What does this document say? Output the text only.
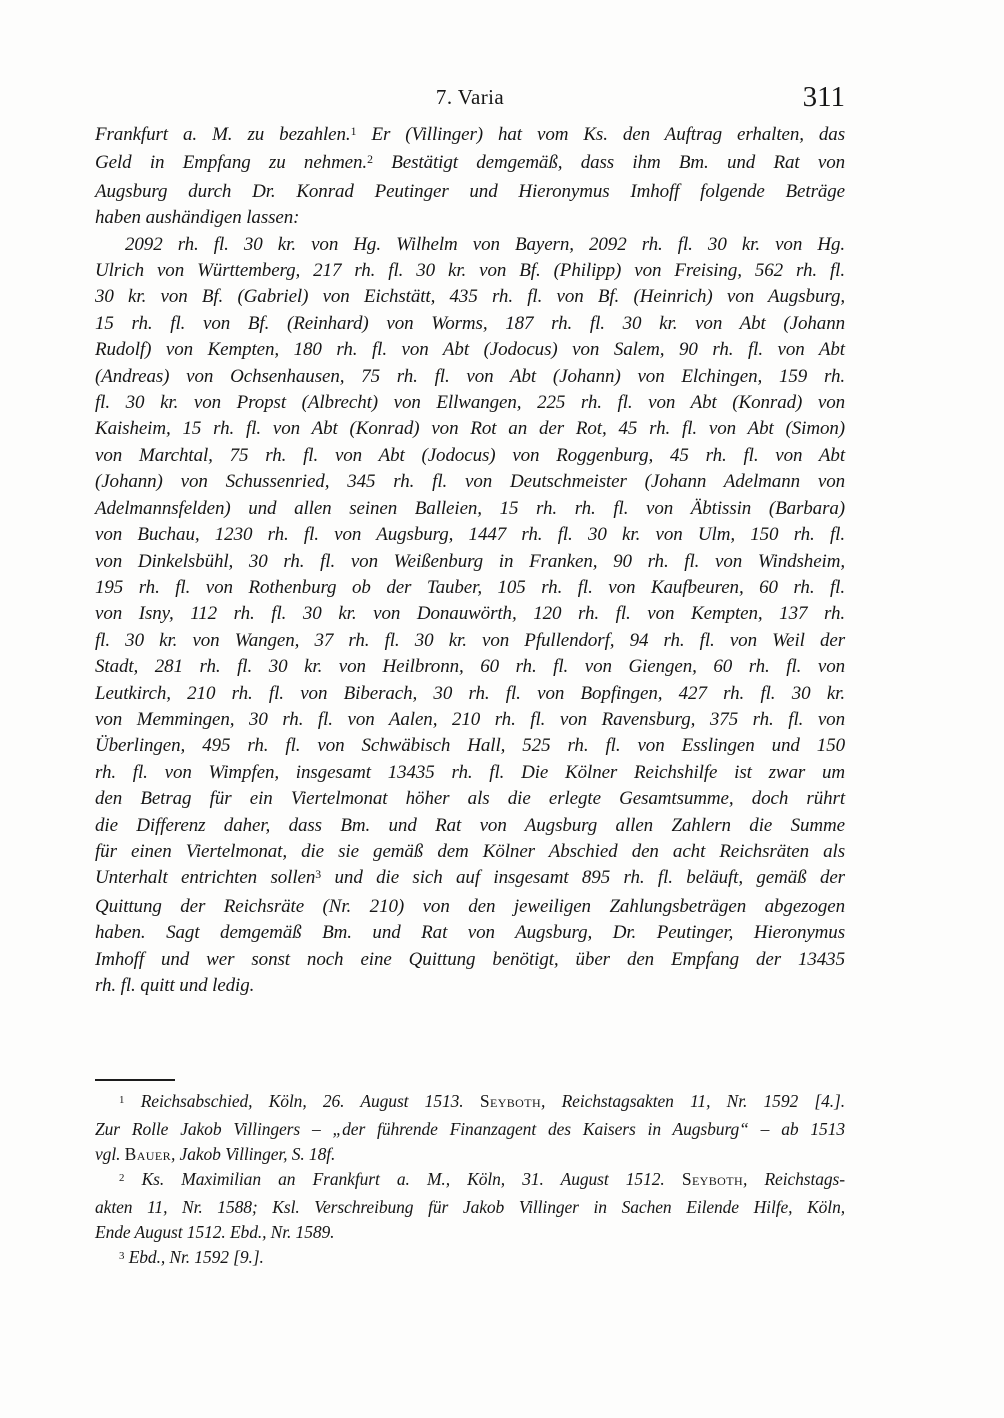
7. Varia	311
Frankfurt a. M. zu bezahlen.$^1$ Er (Villinger) hat vom Ks. den Auftrag erhalten, das
Geld in Empfang zu nehmen.$^2$ Bestätigt demgemäß, dass ihm Bm. und Rat von
Augsburg durch Dr. Konrad Peutinger und Hieronymus Imhoff folgende Beträge
haben aushändigen lassen:
2092 rh. fl. 30 kr. von Hg. Wilhelm von Bayern, 2092 rh. fl. 30 kr. von Hg.
Ulrich von Württemberg, 217 rh. fl. 30 kr. von Bf. (Philipp) von Freising, 562 rh. fl.
30 kr. von Bf. (Gabriel) von Eichstätt, 435 rh. fl. von Bf. (Heinrich) von Augsburg,
15 rh. fl. von Bf. (Reinhard) von Worms, 187 rh. fl. 30 kr. von Abt (Johann
Rudolf) von Kempten, 180 rh. fl. von Abt (Jodocus) von Salem, 90 rh. fl. von Abt
(Andreas) von Ochsenhausen, 75 rh. fl. von Abt (Johann) von Elchingen, 159 rh.
fl. 30 kr. von Propst (Albrecht) von Ellwangen, 225 rh. fl. von Abt (Konrad) von
Kaisheim, 15 rh. fl. von Abt (Konrad) von Rot an der Rot, 45 rh. fl. von Abt (Simon)
von Marchtal, 75 rh. fl. von Abt (Jodocus) von Roggenburg, 45 rh. fl. von Abt
(Johann) von Schussenried, 345 rh. fl. von Deutschmeister (Johann Adelmann von
Adelmannsfelden) und allen seinen Balleien, 15 rh. rh. fl. von Äbtissin (Barbara)
von Buchau, 1230 rh. fl. von Augsburg, 1447 rh. fl. 30 kr. von Ulm, 150 rh. fl.
von Dinkelsbühl, 30 rh. fl. von Weißenburg in Franken, 90 rh. fl. von Windsheim,
195 rh. fl. von Rothenburg ob der Tauber, 105 rh. fl. von Kaufbeuren, 60 rh. fl.
von Isny, 112 rh. fl. 30 kr. von Donauwörth, 120 rh. fl. von Kempten, 137 rh.
fl. 30 kr. von Wangen, 37 rh. fl. 30 kr. von Pfullendorf, 94 rh. fl. von Weil der
Stadt, 281 rh. fl. 30 kr. von Heilbronn, 60 rh. fl. von Giengen, 60 rh. fl. von
Leutkirch, 210 rh. fl. von Biberach, 30 rh. fl. von Bopfingen, 427 rh. fl. 30 kr.
von Memmingen, 30 rh. fl. von Aalen, 210 rh. fl. von Ravensburg, 375 rh. fl. von
Überlingen, 495 rh. fl. von Schwäbisch Hall, 525 rh. fl. von Esslingen und 150
rh. fl. von Wimpfen, insgesamt 13435 rh. fl. Die Kölner Reichshilfe ist zwar um
den Betrag für ein Viertelmonat höher als die erlegte Gesamtsumme, doch rührt
die Differenz daher, dass Bm. und Rat von Augsburg allen Zahlern die Summe
für einen Viertelmonat, die sie gemäß dem Kölner Abschied den acht Reichsräten als
Unterhalt entrichten sollen$^3$ und die sich auf insgesamt 895 rh. fl. beläuft, gemäß der
Quittung der Reichsräte (Nr. 210) von den jeweiligen Zahlungsbeträgen abgezogen
haben. Sagt demgemäß Bm. und Rat von Augsburg, Dr. Peutinger, Hieronymus
Imhoff und wer sonst noch eine Quittung benötigt, über den Empfang der 13435
rh. fl. quitt und ledig.
$^1$ Reichsabschied, Köln, 26. August 1513. Seyboth, Reichstagsakten 11, Nr. 1592 [4.].
Zur Rolle Jakob Villingers – „der führende Finanzagent des Kaisers in Augsburg“ – ab 1513
vgl. Bauer, Jakob Villinger, S. 18f.
$^2$ Ks. Maximilian an Frankfurt a. M., Köln, 31. August 1512. Seyboth, Reichstags-
akten 11, Nr. 1588; Ksl. Verschreibung für Jakob Villinger in Sachen Eilende Hilfe, Köln,
Ende August 1512. Ebd., Nr. 1589.
$^3$ Ebd., Nr. 1592 [9.].
